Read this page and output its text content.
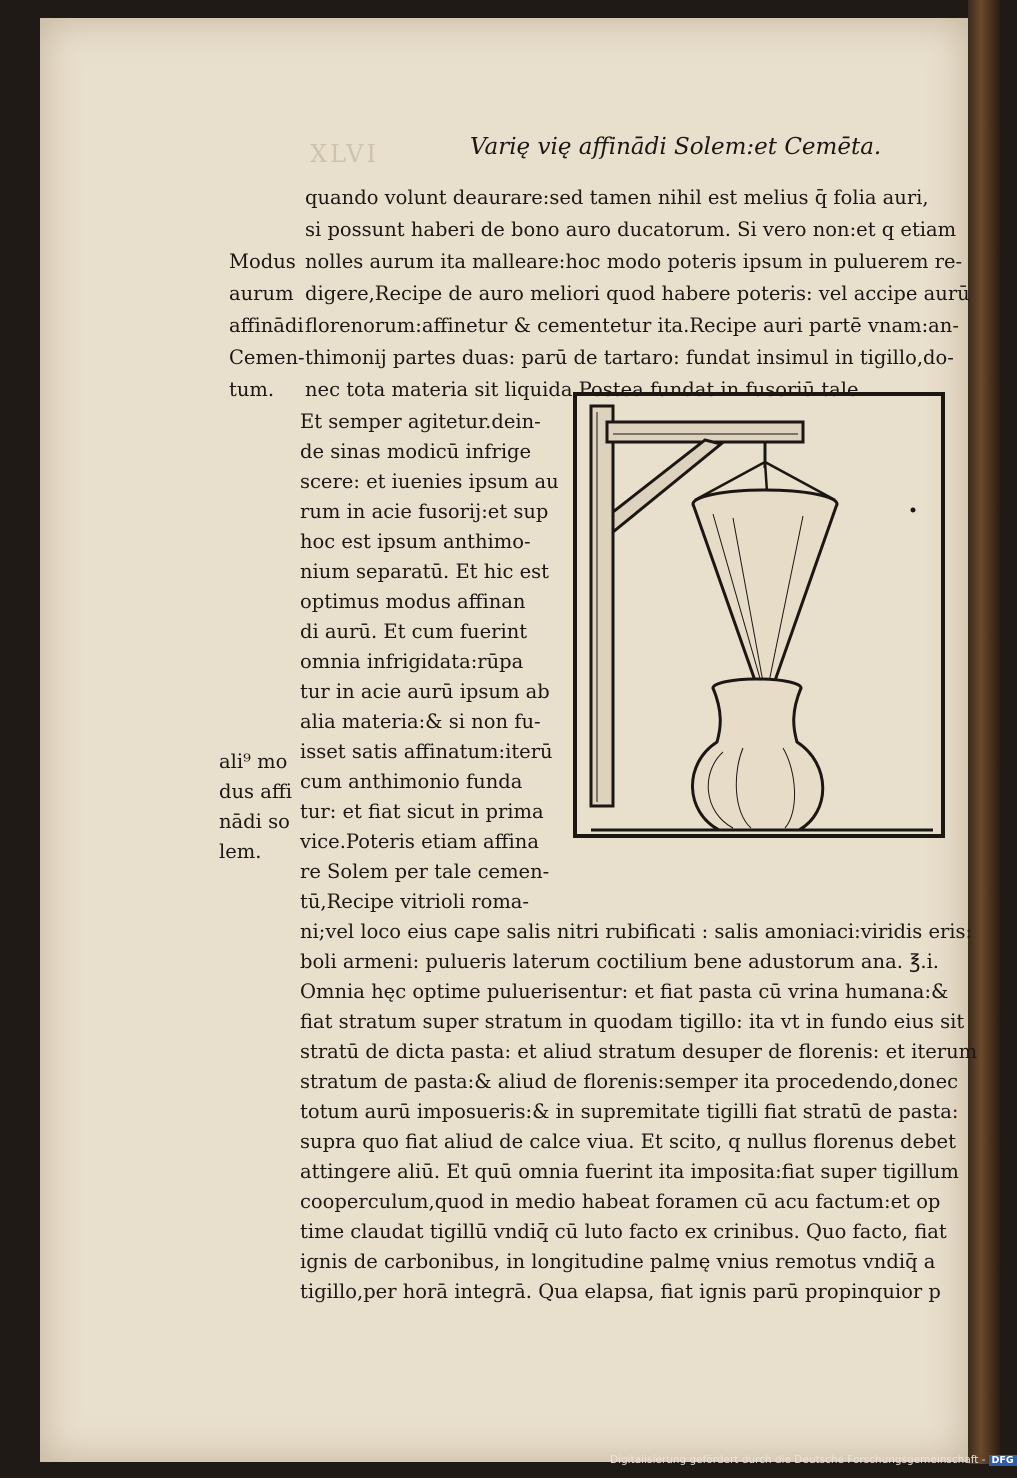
XLVI	Varię vię affinādi Solem:et Cemēta.
quando volunt deaurare:sed tamen nihil est melius q̄ folia auri,
si possunt haberi de bono auro ducatorum. Si vero non:et q etiam
nolles aurum ita malleare:hoc modo poteris ipsum in puluerem re-
digere,Recipe de auro meliori quod habere poteris: vel accipe aurū
florenorum:affinetur & cementetur ita.Recipe auri partē vnam:an-
thimonij partes duas: parū de tartaro: fundat insimul in tigillo,do-
nec tota materia sit liquida.Postea fundat in fusoriū tale
Modus
aurum
affinādi
Cemen-
tum.
Et semper agitetur.dein-
de sinas modicū infrige
scere: et iuenies ipsum au
rum in acie fusorij:et sup
hoc est ipsum anthimo-
nium separatū. Et hic est
optimus modus affinan
di aurū. Et cum fuerint
omnia infrigidata:rūpa
tur in acie aurū ipsum ab
alia materia:& si non fu-
isset satis affinatum:iterū
cum anthimonio funda
tur: et fiat sicut in prima
vice.Poteris etiam affina
re Solem per tale cemen-
tū,Recipe vitrioli roma-
ali⁹ mo
dus affi
nādi so
lem.
ni;vel loco eius cape salis nitri rubificati : salis amoniaci:viridis eris:
boli armeni: pulueris laterum coctilium bene adustorum ana. ℥.i.
Omnia hęc optime puluerisentur: et fiat pasta cū vrina humana:&
fiat stratum super stratum in quodam tigillo: ita vt in fundo eius sit
stratū de dicta pasta: et aliud stratum desuper de florenis: et iterum
stratum de pasta:& aliud de florenis:semper ita procedendo,donec
totum aurū imposueris:& in supremitate tigilli fiat stratū de pasta:
supra quo fiat aliud de calce viua. Et scito, q nullus florenus debet
attingere aliū. Et quū omnia fuerint ita imposita:fiat super tigillum
cooperculum,quod in medio habeat foramen cū acu factum:et op
time claudat tigillū vndiq̄ cū luto facto ex crinibus. Quo facto, fiat
ignis de carbonibus, in longitudine palmę vnius remotus vndiq̄ a
tigillo,per horā integrā. Qua elapsa, fiat ignis parū propinquior p
Digitalisierung gefördert durch die Deutsche Forschungsgemeinschaft - DFG
